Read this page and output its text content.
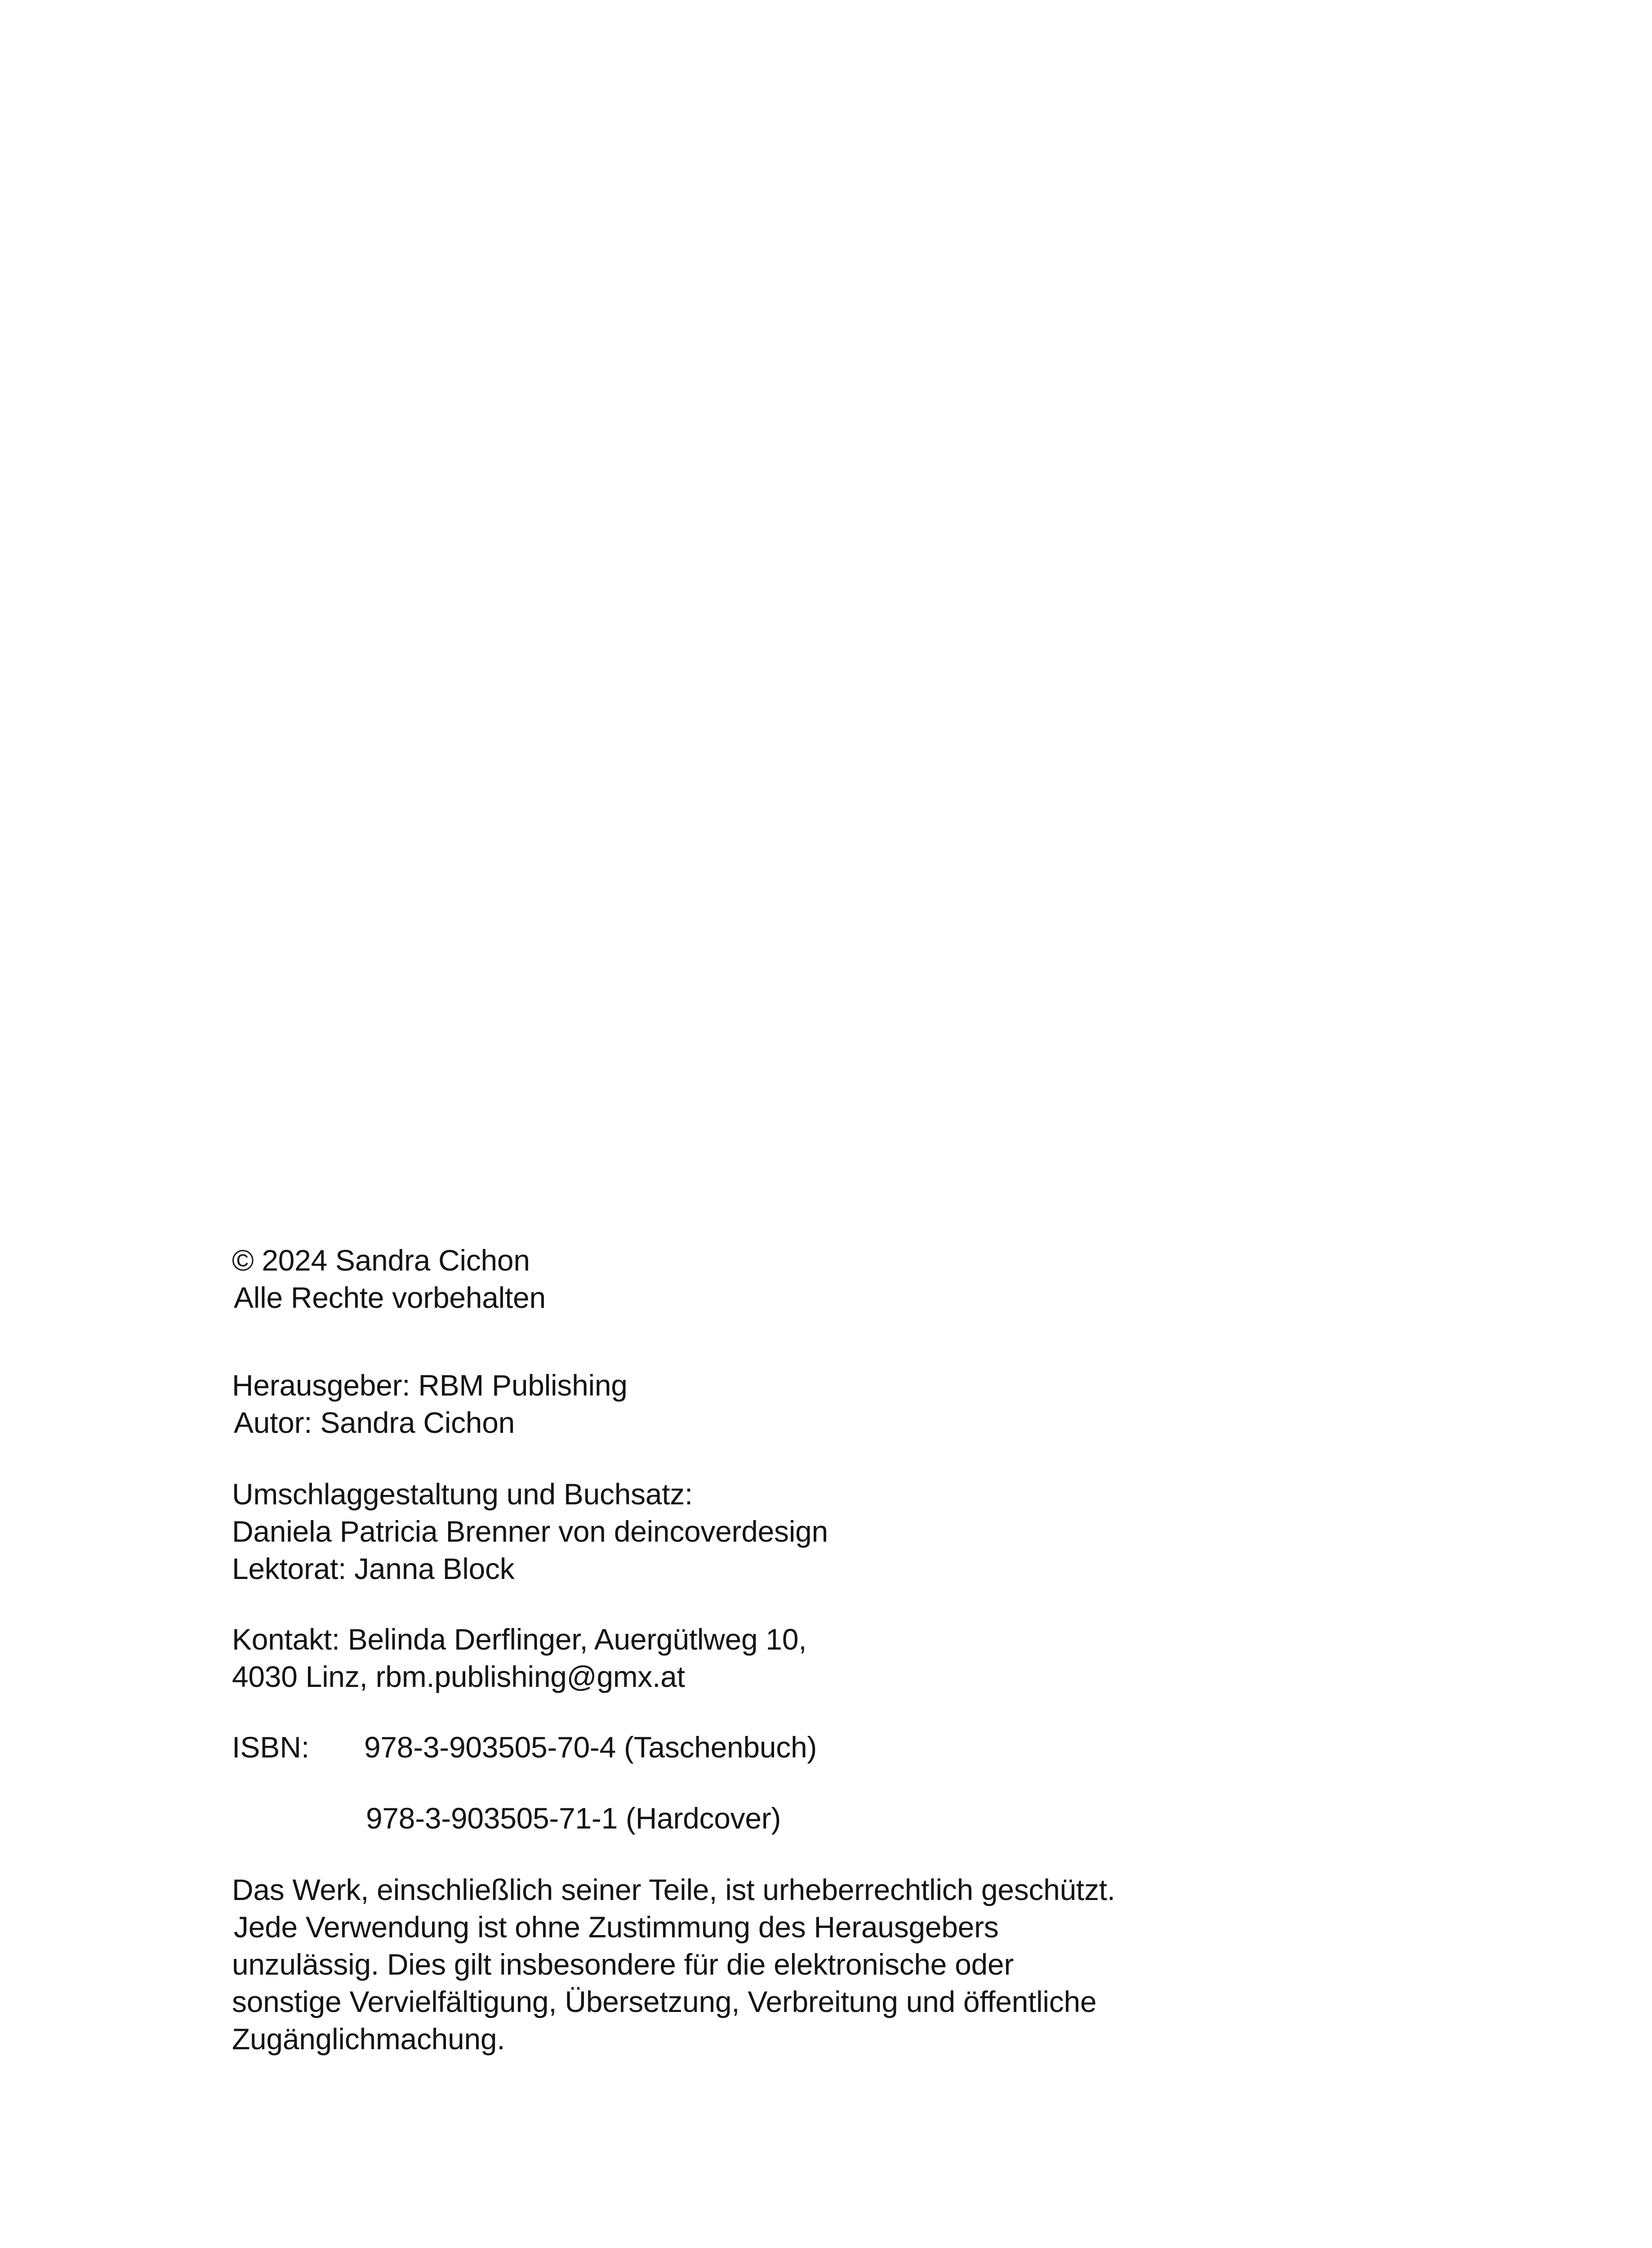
© 2024 Sandra Cichon
Alle Rechte vorbehalten
Herausgeber: RBM Publishing
Autor: Sandra Cichon
Umschlaggestaltung und Buchsatz:
Daniela Patricia Brenner von deincoverdesign
Lektorat: Janna Block
Kontakt: Belinda Derflinger, Auergütlweg 10,
4030 Linz, rbm.publishing@gmx.at
ISBN: 978-3-903505-70-4 (Taschenbuch)
978-3-903505-71-1 (Hardcover)
Das Werk, einschließlich seiner Teile, ist urheberrechtlich geschützt.
Jede Verwendung ist ohne Zustimmung des Herausgebers
unzulässig. Dies gilt insbesondere für die elektronische oder
sonstige Vervielfältigung, Übersetzung, Verbreitung und öffentliche
Zugänglichmachung.
